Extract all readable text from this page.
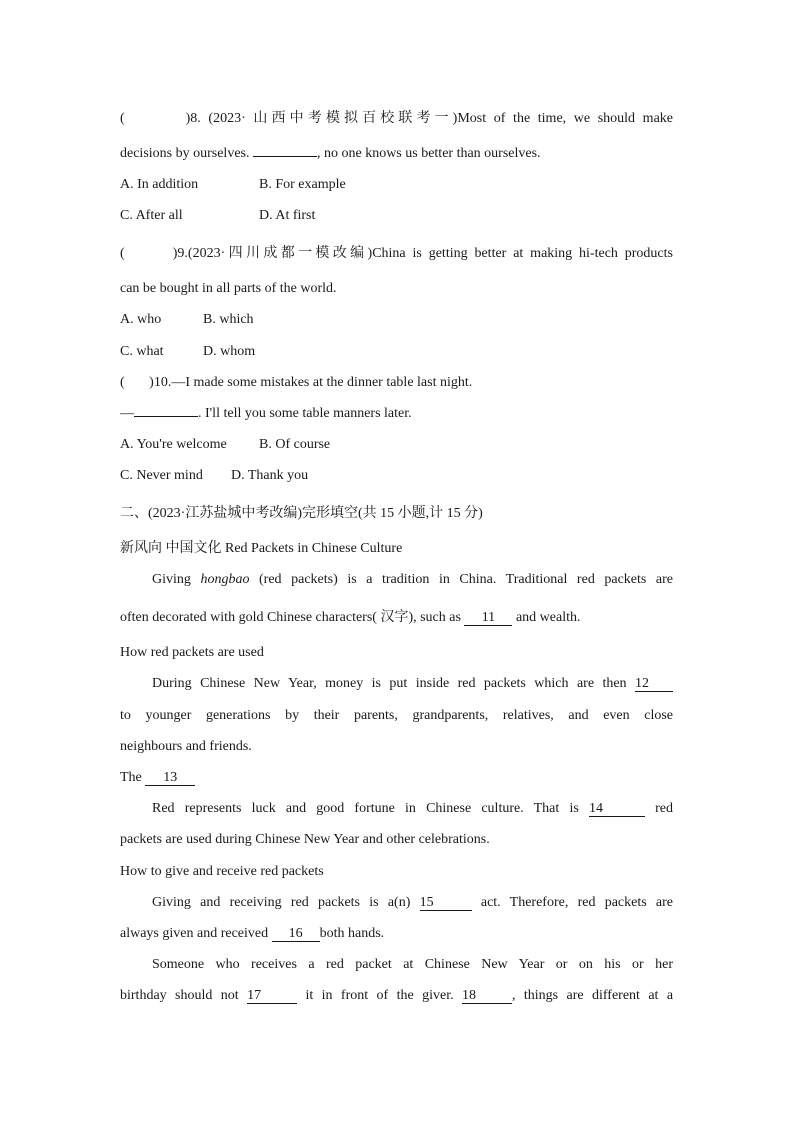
(        )8. (2023· 山西中考模拟百校联考一)Most of the time, we should make
decisions by ourselves.	, no one knows us better than ourselves.
A. In addition	B. For example
C. After all	D. At first
(       )9.(2023·四川成都一模改编)China is getting better at making hi-tech products
can be bought in all parts of the world.
A. who	B. which
C. what	D. whom
(       )10.—I made some mistakes at the dinner table last night.
—	. I'll tell you some table manners later.
A. You're welcome B. Of course
C. Never mind D. Thank you
二、(2023·江苏盐城中考改编)完形填空(共 15 小题,计 15 分)
新风向 中国文化 Red Packets in Chinese Culture
Giving hongbao (red packets) is a tradition in China. Traditional red packets are
often decorated with gold Chinese characters( 汉字), such as 11 and wealth.
How red packets are used
During Chinese New Year, money is put inside red packets which are then 12
to younger generations by their parents, grandparents, relatives, and even close
neighbours and friends.
The 13
Red represents luck and good fortune in Chinese culture. That is 14	red
packets are used during Chinese New Year and other celebrations.
How to give and receive red packets
Giving and receiving red packets is a(n) 15	act. Therefore, red packets are
always given and received 16 both hands.
Someone who receives a red packet at Chinese New Year or on his or her
birthday should not 17	it in front of the giver. 18	, things are different at a
